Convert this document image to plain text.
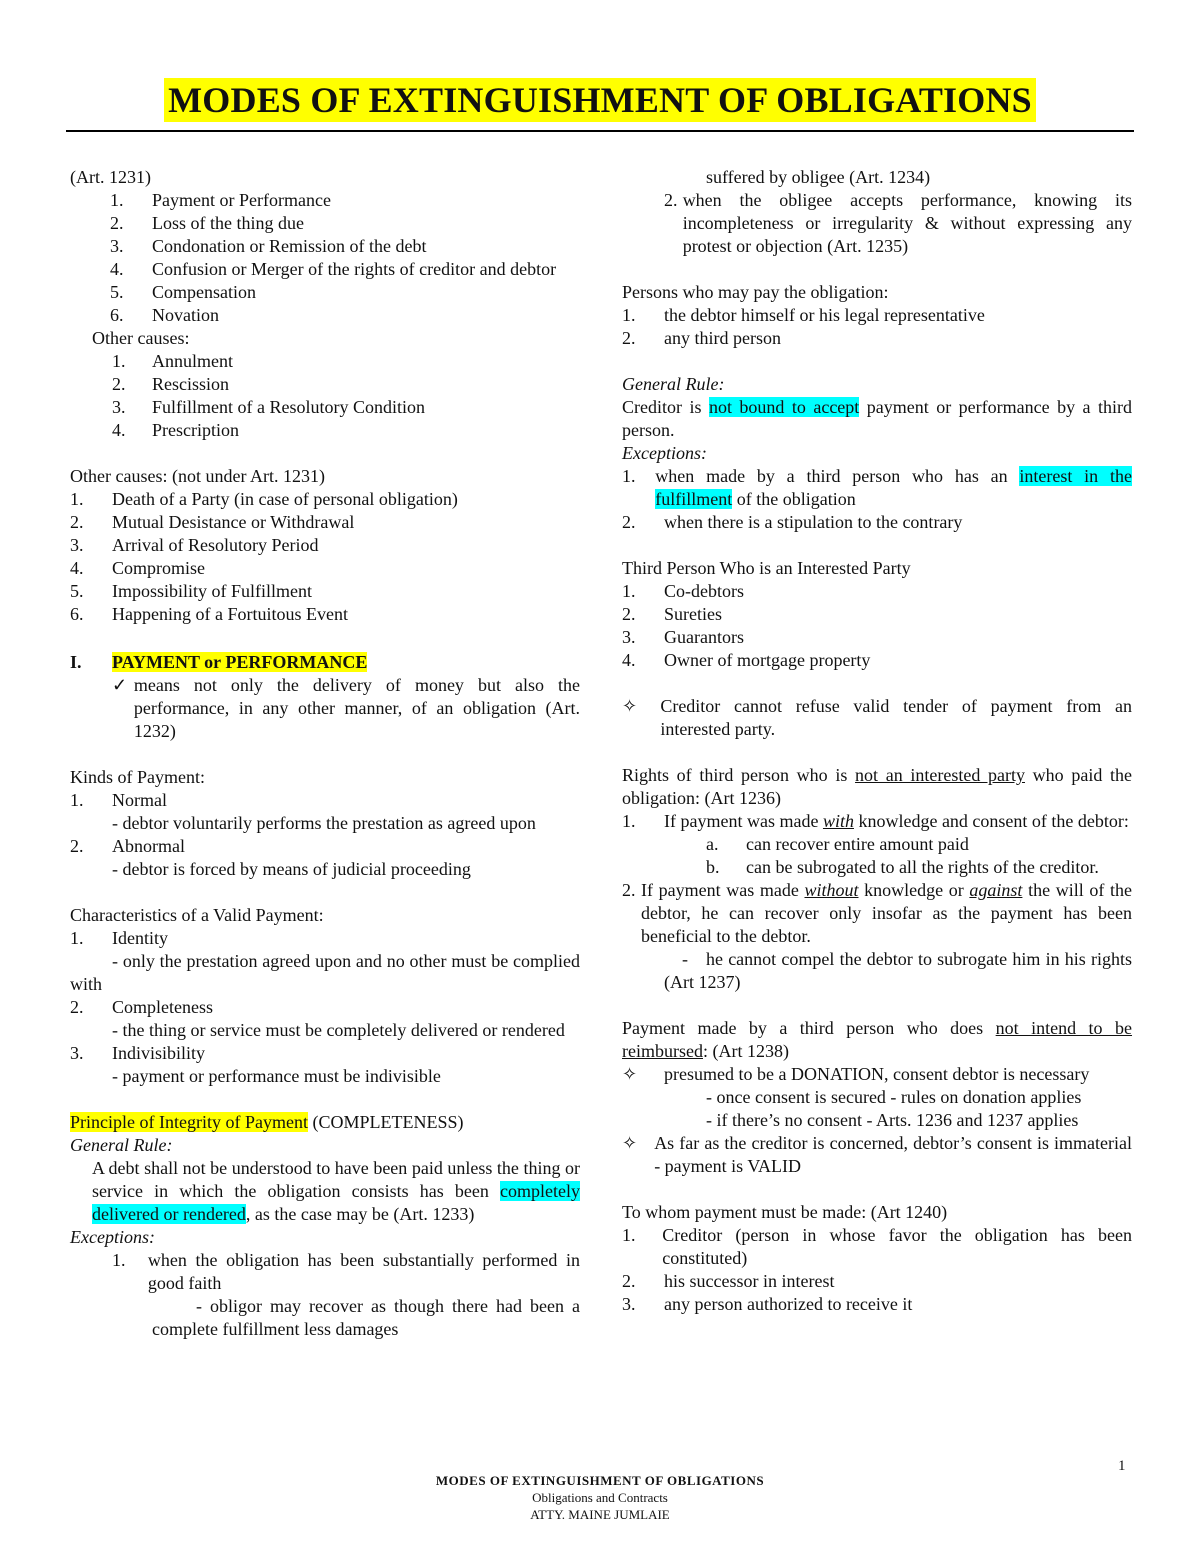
MODES OF EXTINGUISHMENT OF OBLIGATIONS

(Art. 1231)

1.	Payment or Performance
2.	Loss of the thing due
3.	Condonation or Remission of the debt
4.	Confusion or Merger of the rights of creditor and debtor
5.	Compensation
6.	Novation

Other causes:

1.	Annulment
2.	Rescission
3.	Fulfillment of a Resolutory Condition
4.	Prescription

Other causes: (not under Art. 1231)

1.	Death of a Party (in case of personal obligation)
2.	Mutual Desistance or Withdrawal
3.	Arrival of Resolutory Period
4.	Compromise
5.	Impossibility of Fulfillment
6.	Happening of a Fortuitous Event
I.	PAYMENT or PERFORMANCE
✓ means not only the delivery of money but also the performance, in any other manner, of an obligation (Art. 1232)

Kinds of Payment:

1.	Normal

- debtor voluntarily performs the prestation as agreed upon

2.	Abnormal

- debtor is forced by means of judicial proceeding

Characteristics of a Valid Payment:

1.	Identity

- only the prestation agreed upon and no other must be complied with

2.	Completeness

- the thing or service must be completely delivered or rendered

3.	Indivisibility

- payment or performance must be indivisible

Principle of Integrity of Payment (COMPLETENESS)

General Rule:

A debt shall not be understood to have been paid unless the thing or service in which the obligation consists has been completely delivered or rendered, as the case may be (Art. 1233)

Exceptions:

1.	when the obligation has been substantially performed in good faith

- obligor may recover as though there had been a complete fulfillment less damages

suffered by obligee (Art. 1234)

2. when the obligee accepts performance, knowing its incompleteness or irregularity & without expressing any protest or objection (Art. 1235)

Persons who may pay the obligation:

1.	the debtor himself or his legal representative
2.	any third person

General Rule:

Creditor is not bound to accept payment or performance by a third person.

Exceptions:

1.	when made by a third person who has an interest in the fulfillment of the obligation
2.	when there is a stipulation to the contrary

Third Person Who is an Interested Party

1.	Co-debtors
2.	Sureties
3.	Guarantors
4.	Owner of mortgage property
✧	Creditor cannot refuse valid tender of payment from an interested party.

Rights of third person who is not an interested party who paid the obligation: (Art 1236)

1.	If payment was made with knowledge and consent of the debtor:
a.	can recover entire amount paid
b.	can be subrogated to all the rights of the creditor.
2. If payment was made without knowledge or against the will of the debtor, he can recover only insofar as the payment has been beneficial to the debtor.

- he cannot compel the debtor to subrogate him in his rights (Art 1237)

Payment made by a third person who does not intend to be reimbursed: (Art 1238)

✧	presumed to be a DONATION, consent debtor is necessary

- once consent is secured - rules on donation applies

- if there’s no consent - Arts. 1236 and 1237 applies

✧ As far as the creditor is concerned, debtor’s consent is immaterial - payment is VALID

To whom payment must be made: (Art 1240)

1.	Creditor (person in whose favor the obligation has been constituted)
2.	his successor in interest
3.	any person authorized to receive it
1
MODES OF EXTINGUISHMENT OF OBLIGATIONS
Obligations and Contracts
ATTY. MAINE JUMLAIE
